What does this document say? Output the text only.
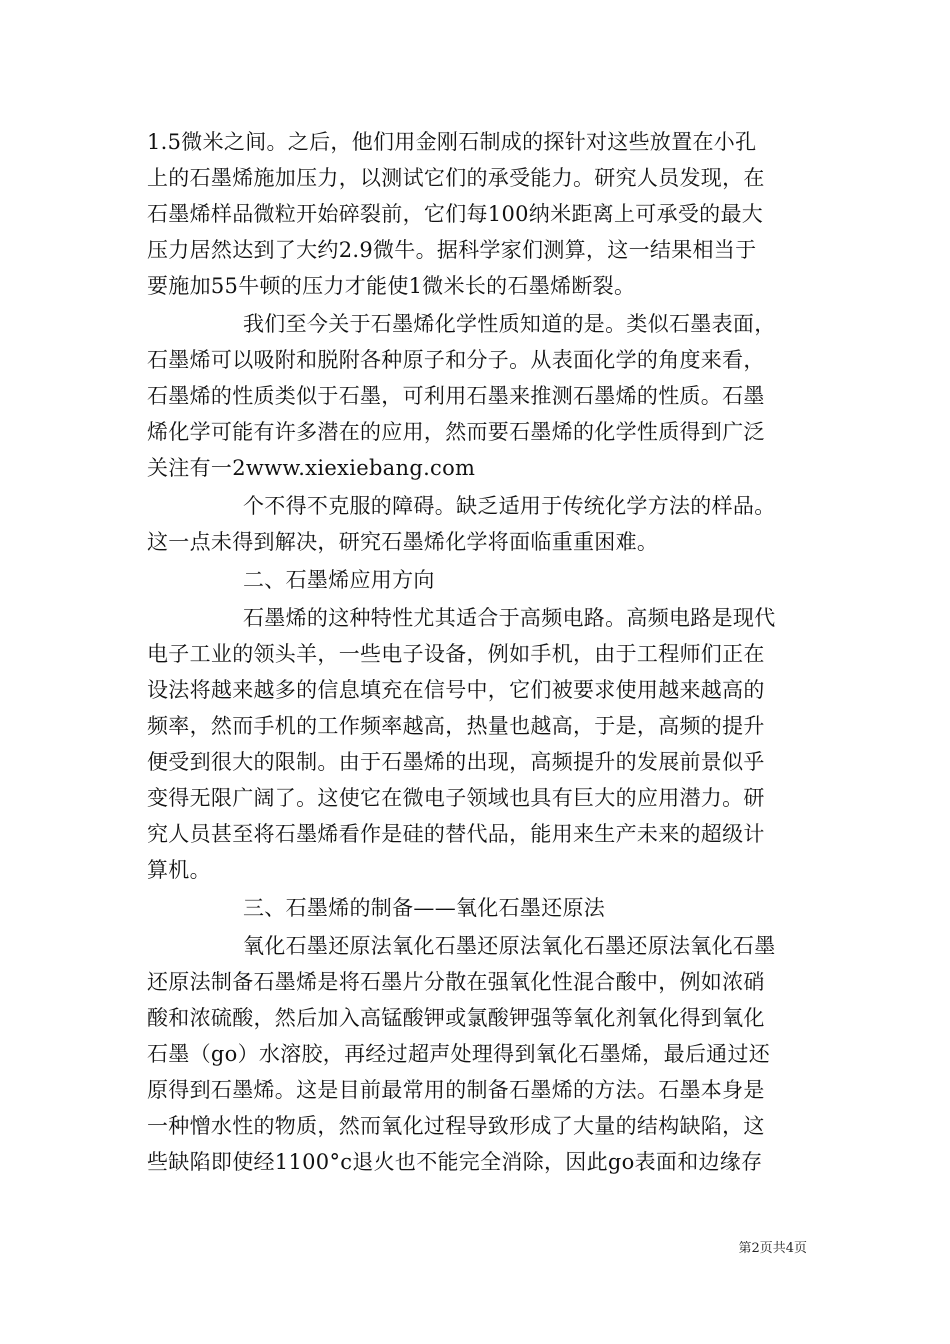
1.5微米之间。之后，他们用金刚石制成的探针对这些放置在小孔
上的石墨烯施加压力，以测试它们的承受能力。研究人员发现，在
石墨烯样品微粒开始碎裂前，它们每100纳米距离上可承受的最大
压力居然达到了大约2.9微牛。据科学家们测算，这一结果相当于
要施加55牛顿的压力才能使1微米长的石墨烯断裂。
我们至今关于石墨烯化学性质知道的是。类似石墨表面，
石墨烯可以吸附和脱附各种原子和分子。从表面化学的角度来看，
石墨烯的性质类似于石墨，可利用石墨来推测石墨烯的性质。石墨
烯化学可能有许多潜在的应用，然而要石墨烯的化学性质得到广泛
关注有一2www.xiexiebang.com
个不得不克服的障碍。缺乏适用于传统化学方法的样品。
这一点未得到解决，研究石墨烯化学将面临重重困难。
二、石墨烯应用方向
石墨烯的这种特性尤其适合于高频电路。高频电路是现代
电子工业的领头羊，一些电子设备，例如手机，由于工程师们正在
设法将越来越多的信息填充在信号中，它们被要求使用越来越高的
频率，然而手机的工作频率越高，热量也越高，于是，高频的提升
便受到很大的限制。由于石墨烯的出现，高频提升的发展前景似乎
变得无限广阔了。这使它在微电子领域也具有巨大的应用潜力。研
究人员甚至将石墨烯看作是硅的替代品，能用来生产未来的超级计
算机。
三、石墨烯的制备——氧化石墨还原法
氧化石墨还原法氧化石墨还原法氧化石墨还原法氧化石墨
还原法制备石墨烯是将石墨片分散在强氧化性混合酸中，例如浓硝
酸和浓硫酸，然后加入高锰酸钾或氯酸钾强等氧化剂氧化得到氧化
石墨（go）水溶胶，再经过超声处理得到氧化石墨烯，最后通过还
原得到石墨烯。这是目前最常用的制备石墨烯的方法。石墨本身是
一种憎水性的物质，然而氧化过程导致形成了大量的结构缺陷，这
些缺陷即使经1100°c退火也不能完全消除，因此go表面和边缘存
第2页共4页
